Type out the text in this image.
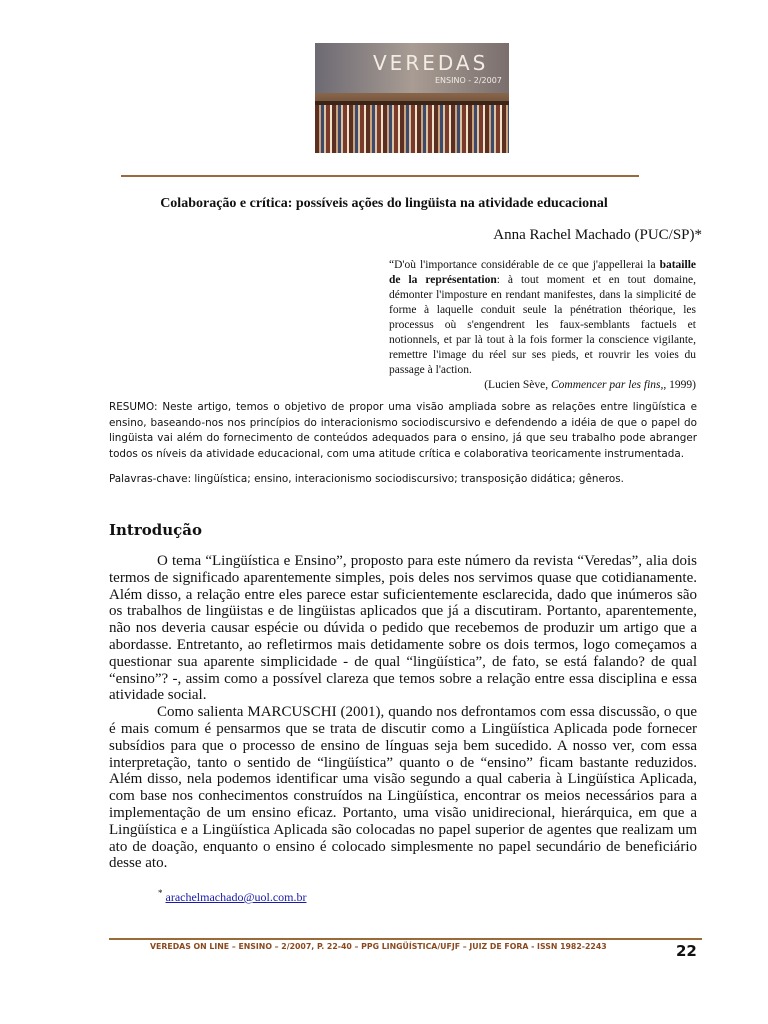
VEREDAS
ENSINO - 2/2007
Colaboração e crítica: possíveis ações do lingüista na atividade educacional
Anna Rachel Machado (PUC/SP)*
“D'où l'importance considérable de ce que j'appellerai la bataille de la représentation: à tout moment et en tout domaine, démonter l'imposture en rendant manifestes, dans la simplicité de forme à laquelle conduit seule la pénétration théorique, les processus où s'engendrent les faux-semblants factuels et notionnels, et par là tout à la fois former la conscience vigilante, remettre l'image du réel sur ses pieds, et rouvrir les voies du passage à l'action.
(Lucien Sève, Commencer par les fins,, 1999)
RESUMO: Neste artigo, temos o objetivo de propor uma visão ampliada sobre as relações entre lingüística e ensino, baseando-nos nos princípios do interacionismo sociodiscursivo e defendendo a idéia de que o papel do lingüista vai além do fornecimento de conteúdos adequados para o ensino, já que seu trabalho pode abranger todos os níveis da atividade educacional, com uma atitude crítica e colaborativa teoricamente instrumentada.
Palavras-chave: lingüística; ensino, interacionismo sociodiscursivo; transposição didática; gêneros.
Introdução

O tema “Lingüística e Ensino”, proposto para este número da revista “Veredas”, alia dois termos de significado aparentemente simples, pois deles nos servimos quase que cotidianamente. Além disso, a relação entre eles parece estar suficientemente esclarecida, dado que inúmeros são os trabalhos de lingüistas e de lingüistas aplicados que já a discutiram. Portanto, aparentemente, não nos deveria causar espécie ou dúvida o pedido que recebemos de produzir um artigo que a abordasse. Entretanto, ao refletirmos mais detidamente sobre os dois termos, logo começamos a questionar sua aparente simplicidade - de qual “lingüística”, de fato, se está falando? de qual “ensino”? -, assim como a possível clareza que temos sobre a relação entre essa disciplina e essa atividade social.

Como salienta MARCUSCHI (2001), quando nos defrontamos com essa discussão, o que é mais comum é pensarmos que se trata de discutir como a Lingüística Aplicada pode fornecer subsídios para que o processo de ensino de línguas seja bem sucedido. A nosso ver, com essa interpretação, tanto o sentido de “lingüística” quanto o de “ensino” ficam bastante reduzidos. Além disso, nela podemos identificar uma visão segundo a qual caberia à Lingüística Aplicada, com base nos conhecimentos construídos na Lingüística, encontrar os meios necessários para a implementação de um ensino eficaz. Portanto, uma visão unidirecional, hierárquica, em que a Lingüística e a Lingüística Aplicada são colocadas no papel superior de agentes que realizam um ato de doação, enquanto o ensino é colocado simplesmente no papel secundário de beneficiário desse ato.

* arachelmachado@uol.com.br
VEREDAS ON LINE – ENSINO – 2/2007, P. 22-40 – PPG LINGÜÍSTICA/UFJF – JUIZ DE FORA - ISSN 1982-2243	22
